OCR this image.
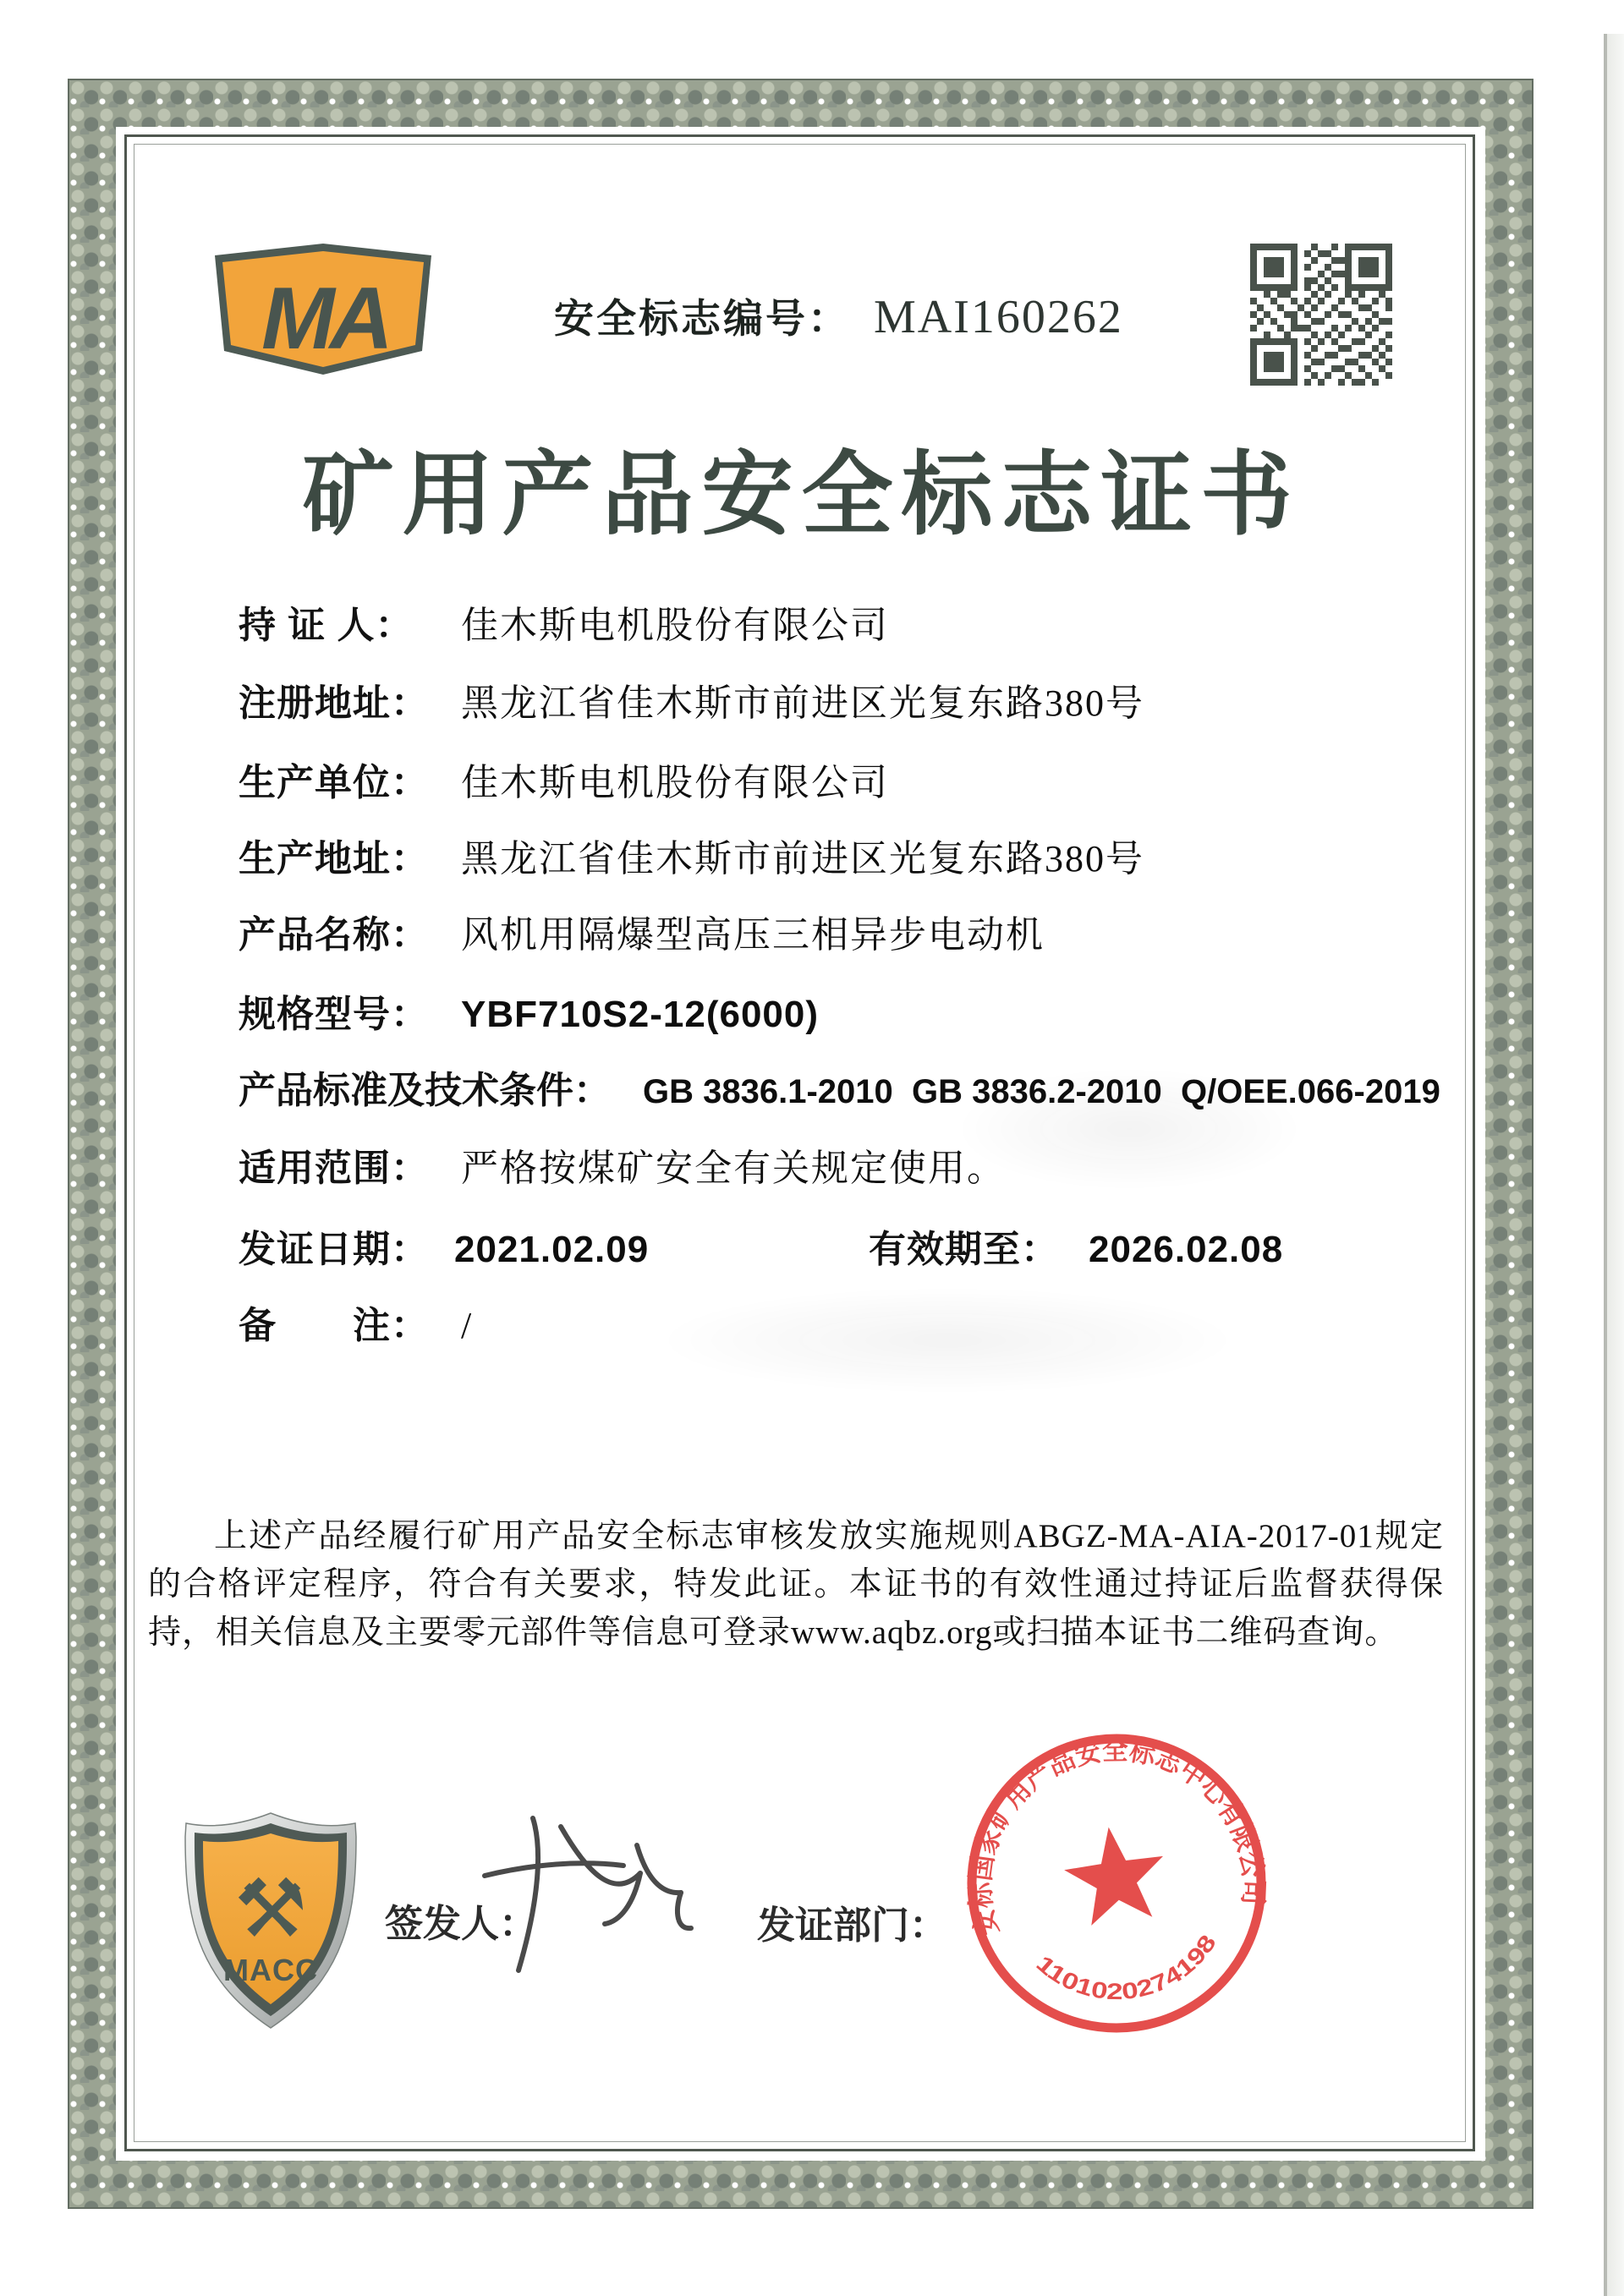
MA	安全标志编号： MAI160262
矿用产品安全标志证书
持 证 人：	佳木斯电机股份有限公司
注册地址： 黑龙江省佳木斯市前进区光复东路380号
生产单位： 佳木斯电机股份有限公司
生产地址： 黑龙江省佳木斯市前进区光复东路380号
产品名称： 风机用隔爆型高压三相异步电动机
规格型号： YBF710S2-12(6000)
产品标准及技术条件： GB 3836.1-2010  GB 3836.2-2010  Q/OEE.066-2019
适用范围： 严格按煤矿安全有关规定使用。
发证日期： 2021.02.09	有效期至： 2026.02.08
备　　注： /
上述产品经履行矿用产品安全标志审核发放实施规则ABGZ-MA-AIA-2017-01规定的合格评定程序，符合有关要求，特发此证。本证书的有效性通过持证后监督获得保持，相关信息及主要零元部件等信息可登录www.aqbz.org或扫描本证书二维码查询。
⚒
MACC
签发人：	发证部门： 安标国家矿用产品安全标志中心有限公司
1101020274198
